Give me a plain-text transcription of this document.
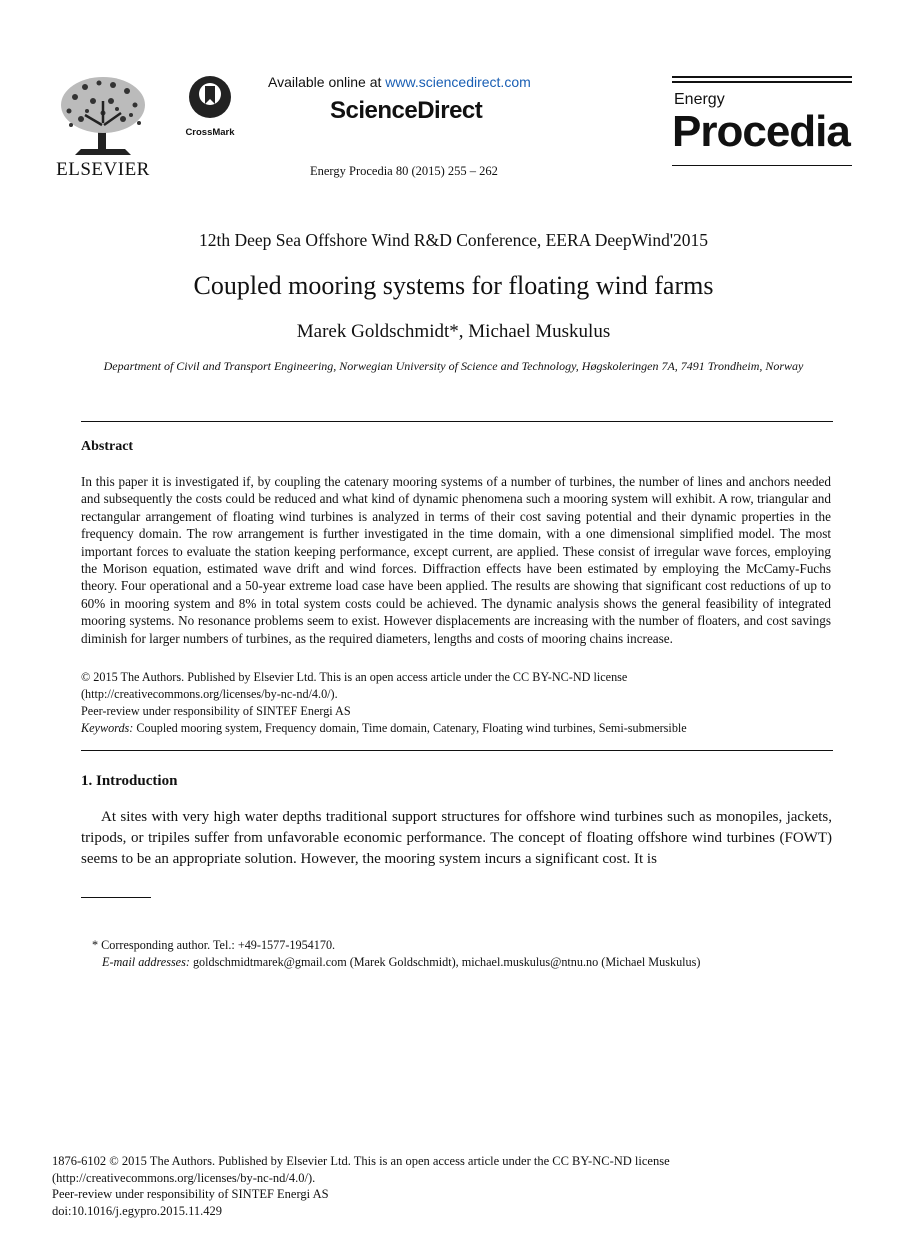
ELSEVIER
CrossMark
Available online at www.sciencedirect.com
ScienceDirect
Energy Procedia 80 (2015) 255 – 262
Energy
Procedia
12th Deep Sea Offshore Wind R&D Conference, EERA DeepWind'2015
Coupled mooring systems for floating wind farms
Marek Goldschmidt*, Michael Muskulus
Department of Civil and Transport Engineering, Norwegian University of Science and Technology, Høgskoleringen 7A, 7491 Trondheim, Norway
Abstract
In this paper it is investigated if, by coupling the catenary mooring systems of a number of turbines, the number of lines and anchors needed and subsequently the costs could be reduced and what kind of dynamic phenomena such a mooring system will exhibit. A row, triangular and rectangular arrangement of floating wind turbines is analyzed in terms of their cost saving potential and their dynamic properties in the frequency domain. The row arrangement is further investigated in the time domain, with a one dimensional simplified model. The most important forces to evaluate the station keeping performance, except current, are applied. These consist of irregular wave forces, employing the Morison equation, estimated wave drift and wind forces. Diffraction effects have been estimated by employing the McCamy-Fuchs theory. Four operational and a 50-year extreme load case have been applied. The results are showing that significant cost reductions of up to 60% in mooring system and 8% in total system costs could be achieved. The dynamic analysis shows the general feasibility of integrated mooring systems. No resonance problems seem to exist. However displacements are increasing with the number of floaters, and cost savings diminish for larger numbers of turbines, as the required diameters, lengths and costs of mooring chains increase.
© 2015 The Authors. Published by Elsevier Ltd. This is an open access article under the CC BY-NC-ND license
(http://creativecommons.org/licenses/by-nc-nd/4.0/).
Peer-review under responsibility of SINTEF Energi AS
Keywords: Coupled mooring system, Frequency domain, Time domain, Catenary, Floating wind turbines, Semi-submersible
1. Introduction
At sites with very high water depths traditional support structures for offshore wind turbines such as monopiles, jackets, tripods, or tripiles suffer from unfavorable economic performance. The concept of floating offshore wind turbines (FOWT) seems to be an appropriate solution. However, the mooring system incurs a significant cost. It is
* Corresponding author. Tel.: +49-1577-1954170.
E-mail addresses: goldschmidtmarek@gmail.com (Marek Goldschmidt), michael.muskulus@ntnu.no (Michael Muskulus)
1876-6102 © 2015 The Authors. Published by Elsevier Ltd. This is an open access article under the CC BY-NC-ND license
(http://creativecommons.org/licenses/by-nc-nd/4.0/).
Peer-review under responsibility of SINTEF Energi AS
doi:10.1016/j.egypro.2015.11.429
